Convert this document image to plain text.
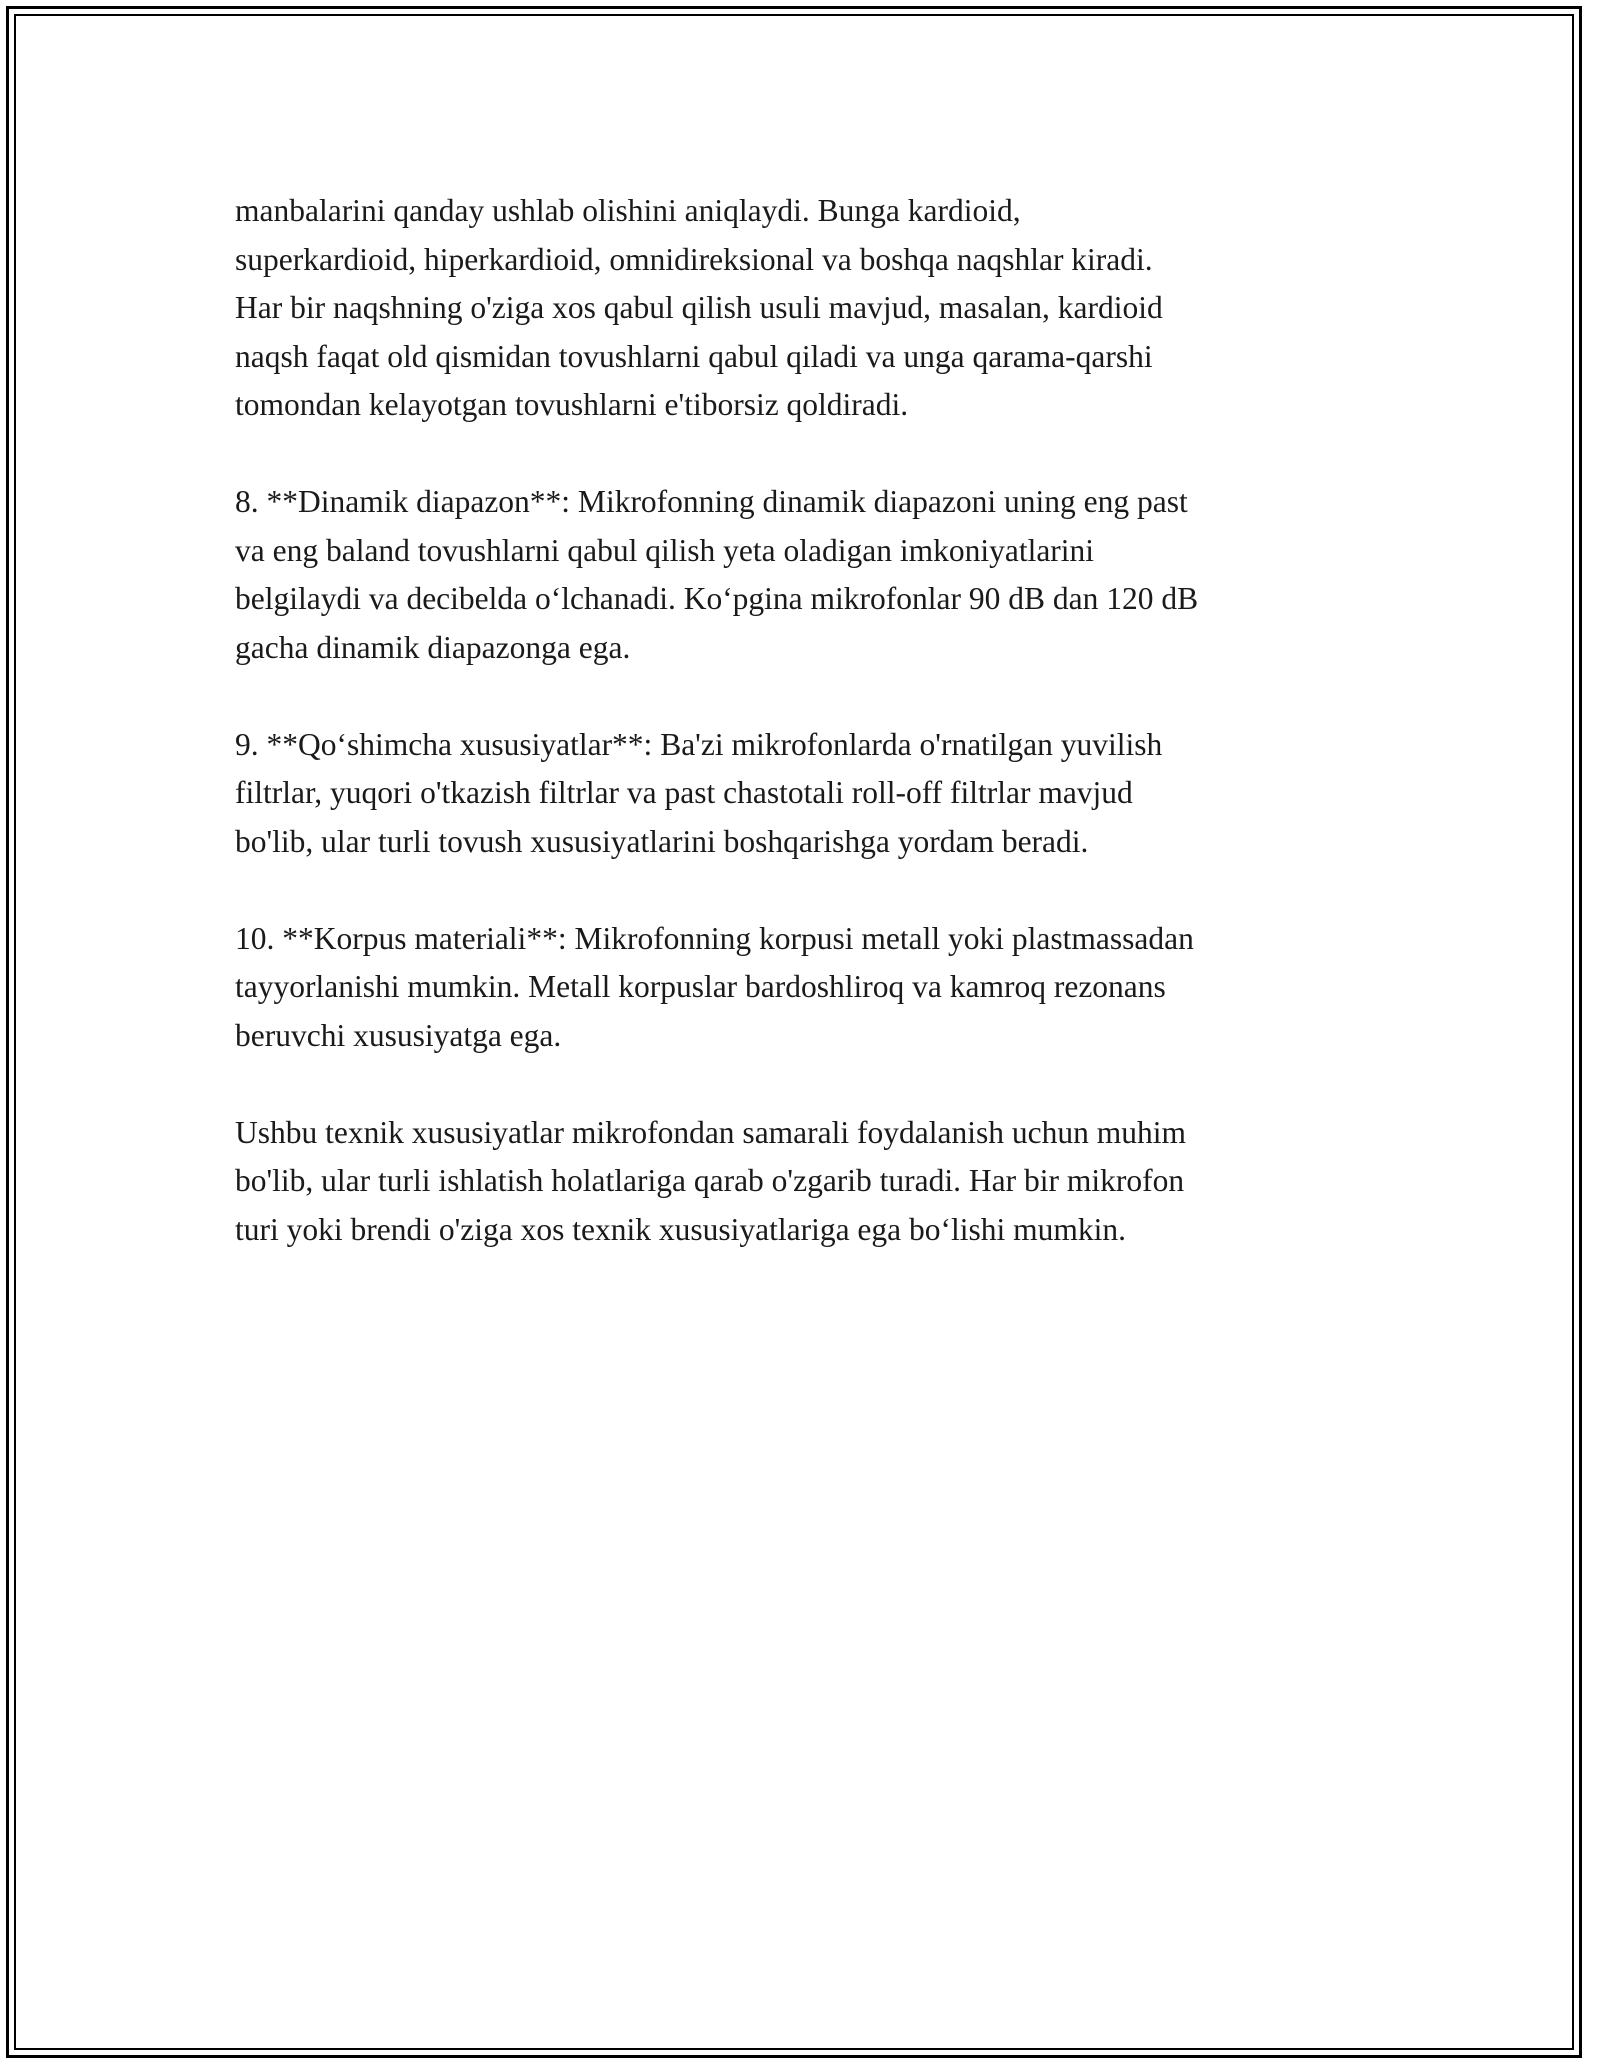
manbalarini qanday ushlab olishini aniqlaydi. Bunga kardioid,
superkardioid, hiperkardioid, omnidireksional va boshqa naqshlar kiradi.
Har bir naqshning o'ziga xos qabul qilish usuli mavjud, masalan, kardioid
naqsh faqat old qismidan tovushlarni qabul qiladi va unga qarama-qarshi
tomondan kelayotgan tovushlarni e'tiborsiz qoldiradi.

8. **Dinamik diapazon**: Mikrofonning dinamik diapazoni uning eng past
va eng baland tovushlarni qabul qilish yeta oladigan imkoniyatlarini
belgilaydi va decibelda o‘lchanadi. Ko‘pgina mikrofonlar 90 dB dan 120 dB
gacha dinamik diapazonga ega.

9. **Qo‘shimcha xususiyatlar**: Ba'zi mikrofonlarda o'rnatilgan yuvilish
filtrlar, yuqori o'tkazish filtrlar va past chastotali roll-off filtrlar mavjud
bo'lib, ular turli tovush xususiyatlarini boshqarishga yordam beradi.

10. **Korpus materiali**: Mikrofonning korpusi metall yoki plastmassadan
tayyorlanishi mumkin. Metall korpuslar bardoshliroq va kamroq rezonans
beruvchi xususiyatga ega.

Ushbu texnik xususiyatlar mikrofondan samarali foydalanish uchun muhim
bo'lib, ular turli ishlatish holatlariga qarab o'zgarib turadi. Har bir mikrofon
turi yoki brendi o'ziga xos texnik xususiyatlariga ega bo‘lishi mumkin.
